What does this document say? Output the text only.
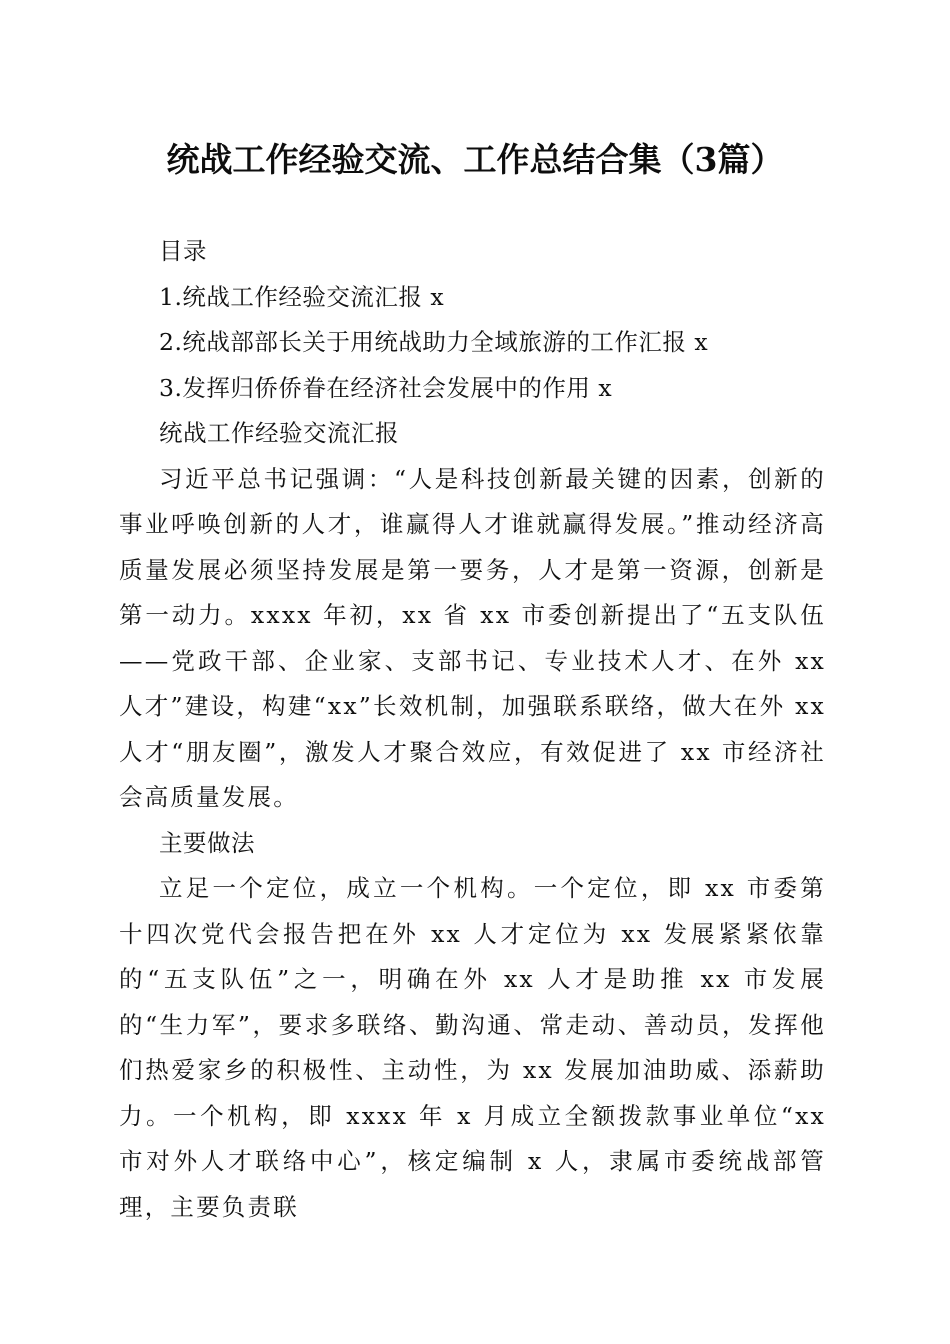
统战工作经验交流、工作总结合集（3篇）
目录
1.统战工作经验交流汇报 x
2.统战部部长关于用统战助力全域旅游的工作汇报 x
3.发挥归侨侨眷在经济社会发展中的作用 x
统战工作经验交流汇报
习近平总书记强调：“人是科技创新最关键的因素，创新的事业呼唤创新的人才，谁赢得人才谁就赢得发展。”推动经济高质量发展必须坚持发展是第一要务，人才是第一资源，创新是第一动力。xxxx 年初，xx 省 xx 市委创新提出了“五支队伍——党政干部、企业家、支部书记、专业技术人才、在外 xx 人才”建设，构建“xx”长效机制，加强联系联络，做大在外 xx 人才“朋友圈”，激发人才聚合效应，有效促进了 xx 市经济社会高质量发展。
主要做法
立足一个定位，成立一个机构。一个定位，即 xx 市委第十四次党代会报告把在外 xx 人才定位为 xx 发展紧紧依靠的“五支队伍”之一，明确在外 xx 人才是助推 xx 市发展的“生力军”，要求多联络、勤沟通、常走动、善动员，发挥他们热爱家乡的积极性、主动性，为 xx 发展加油助威、添薪助力。一个机构，即 xxxx 年 x 月成立全额拨款事业单位“xx 市对外人才联络中心”，核定编制 x 人，隶属市委统战部管理，主要负责联
